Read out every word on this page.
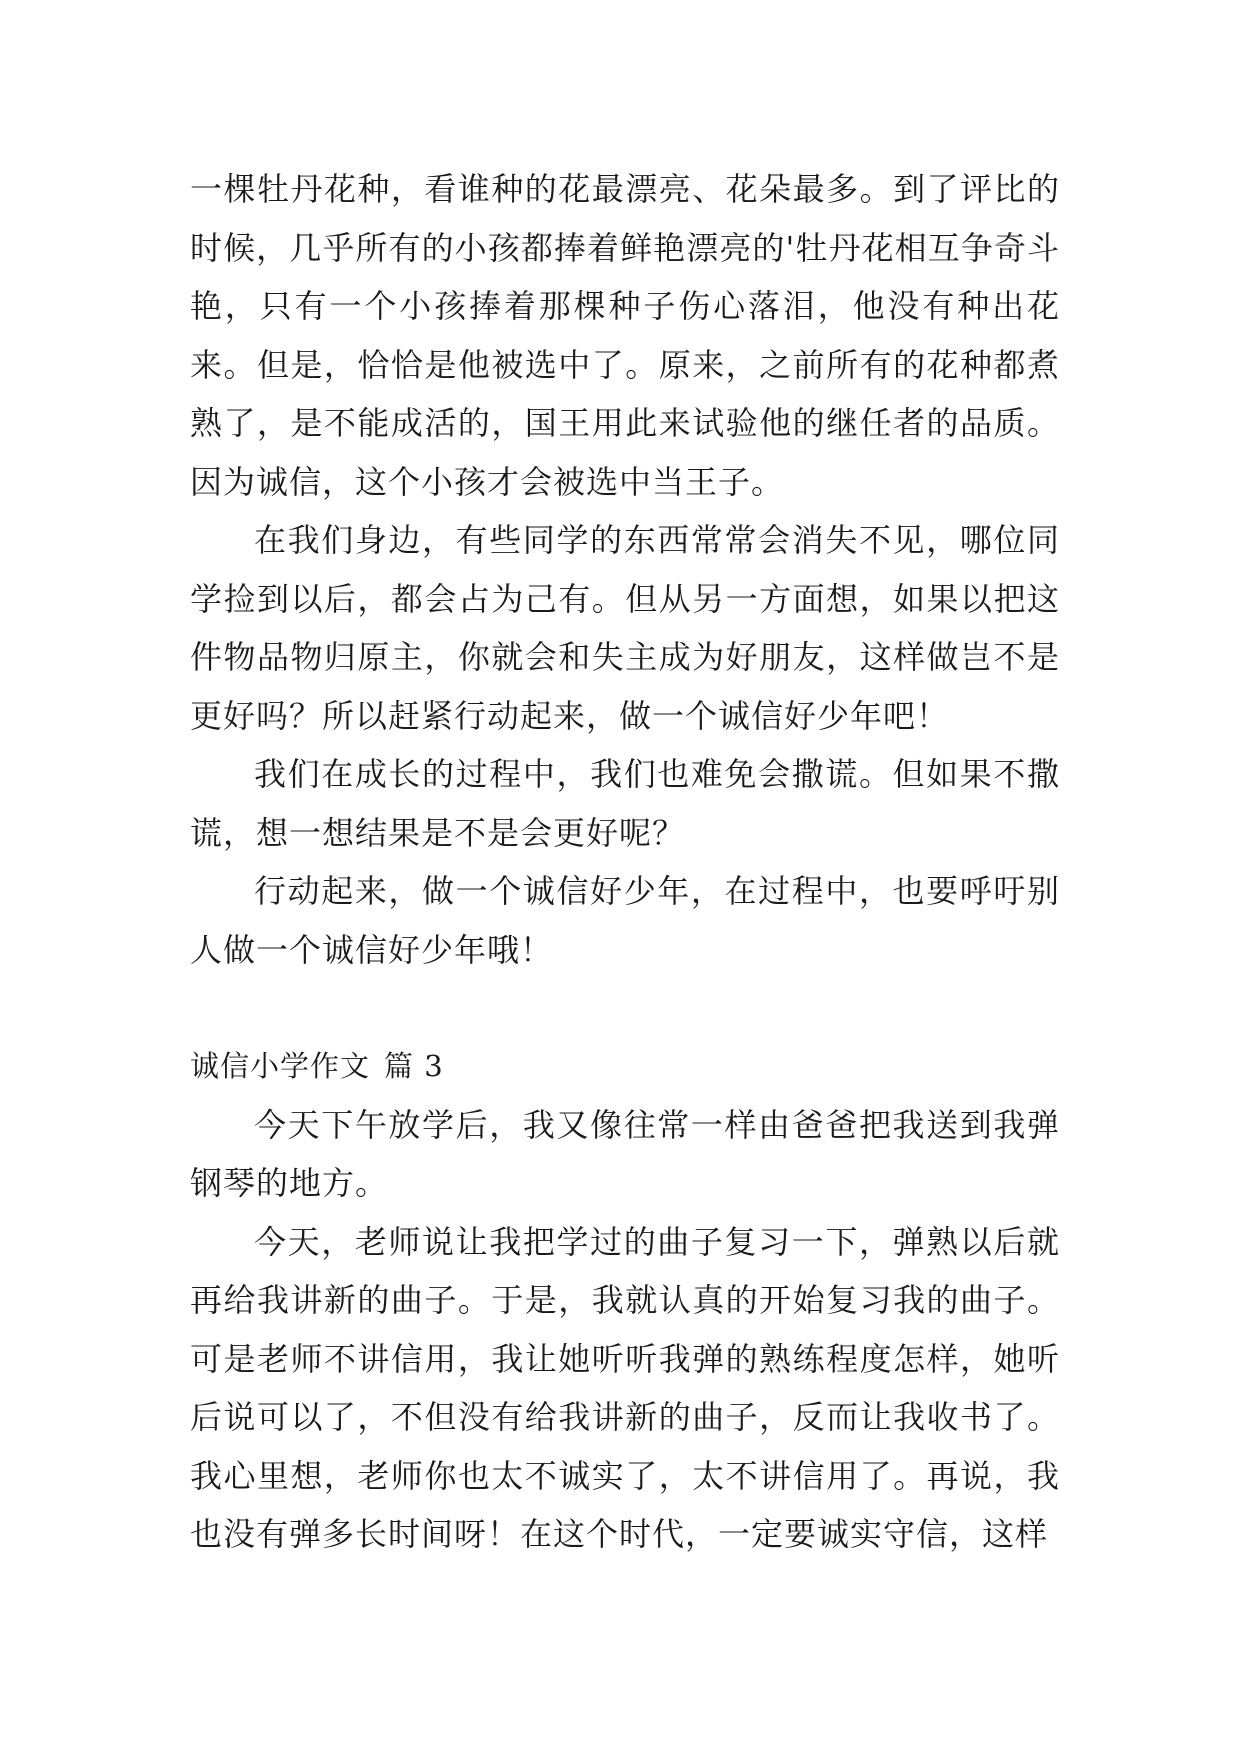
一棵牡丹花种，看谁种的花最漂亮、花朵最多。到了评比的时候，几乎所有的小孩都捧着鲜艳漂亮的'牡丹花相互争奇斗艳，只有一个小孩捧着那棵种子伤心落泪，他没有种出花来。但是，恰恰是他被选中了。原来，之前所有的花种都煮熟了，是不能成活的，国王用此来试验他的继任者的品质。因为诚信，这个小孩才会被选中当王子。

在我们身边，有些同学的东西常常会消失不见，哪位同学捡到以后，都会占为己有。但从另一方面想，如果以把这件物品物归原主，你就会和失主成为好朋友，这样做岂不是更好吗？所以赶紧行动起来，做一个诚信好少年吧！

我们在成长的过程中，我们也难免会撒谎。但如果不撒谎，想一想结果是不是会更好呢？

行动起来，做一个诚信好少年，在过程中，也要呼吁别人做一个诚信好少年哦！

诚信小学作文 篇 3

今天下午放学后，我又像往常一样由爸爸把我送到我弹钢琴的地方。

今天，老师说让我把学过的曲子复习一下，弹熟以后就再给我讲新的曲子。于是，我就认真的开始复习我的曲子。可是老师不讲信用，我让她听听我弹的熟练程度怎样，她听后说可以了，不但没有给我讲新的曲子，反而让我收书了。我心里想，老师你也太不诚实了，太不讲信用了。再说，我也没有弹多长时间呀！在这个时代，一定要诚实守信，这样
